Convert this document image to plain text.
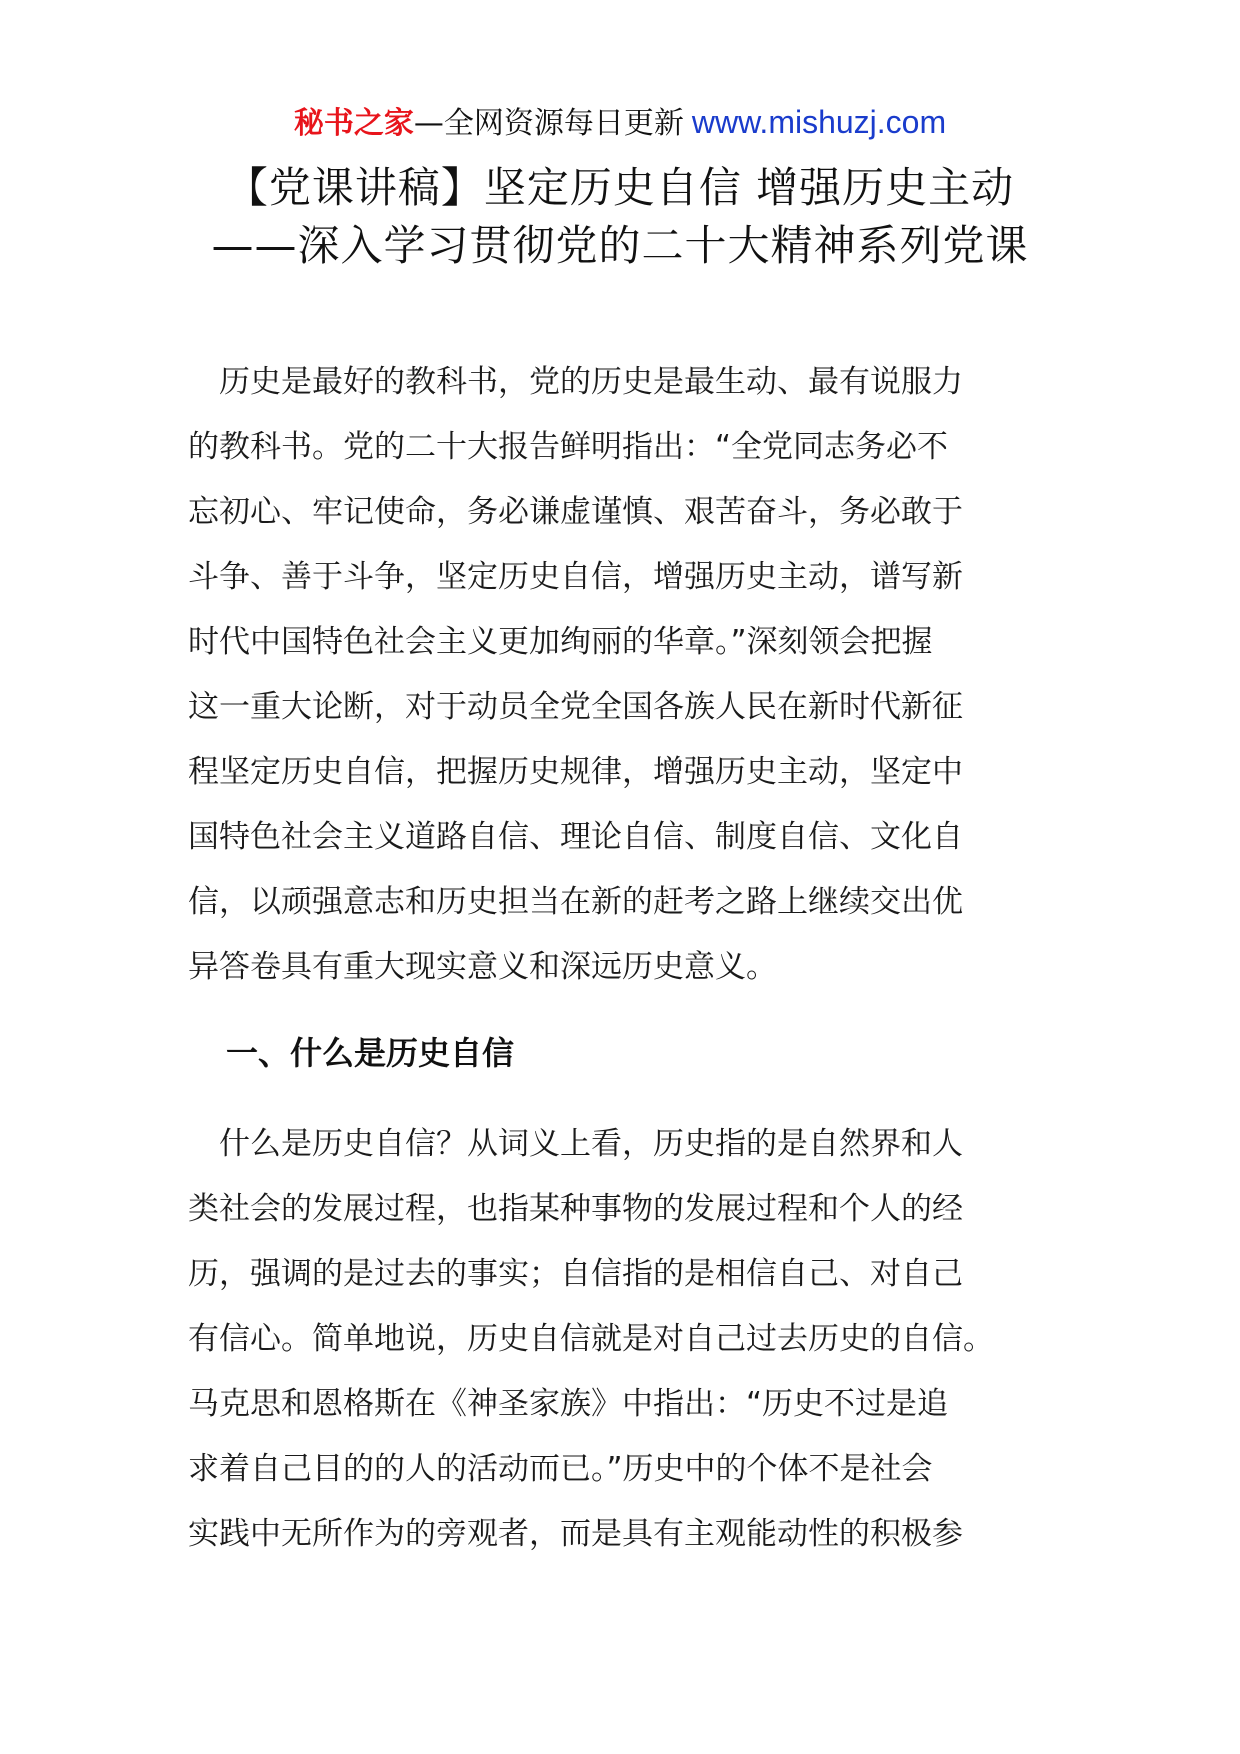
秘书之家—全网资源每日更新 www.mishuzj.com
【党课讲稿】坚定历史自信 增强历史主动
——深入学习贯彻党的二十大精神系列党课
　历史是最好的教科书，党的历史是最生动、最有说服力
的教科书。党的二十大报告鲜明指出：“全党同志务必不
忘初心、牢记使命，务必谦虚谨慎、艰苦奋斗，务必敢于
斗争、善于斗争，坚定历史自信，增强历史主动，谱写新
时代中国特色社会主义更加绚丽的华章。”深刻领会把握
这一重大论断，对于动员全党全国各族人民在新时代新征
程坚定历史自信，把握历史规律，增强历史主动，坚定中
国特色社会主义道路自信、理论自信、制度自信、文化自
信，以顽强意志和历史担当在新的赶考之路上继续交出优
异答卷具有重大现实意义和深远历史意义。
一、什么是历史自信
　什么是历史自信？从词义上看，历史指的是自然界和人
类社会的发展过程，也指某种事物的发展过程和个人的经
历，强调的是过去的事实；自信指的是相信自己、对自己
有信心。简单地说，历史自信就是对自己过去历史的自信。
马克思和恩格斯在《神圣家族》中指出：“历史不过是追
求着自己目的的人的活动而已。”历史中的个体不是社会
实践中无所作为的旁观者，而是具有主观能动性的积极参
